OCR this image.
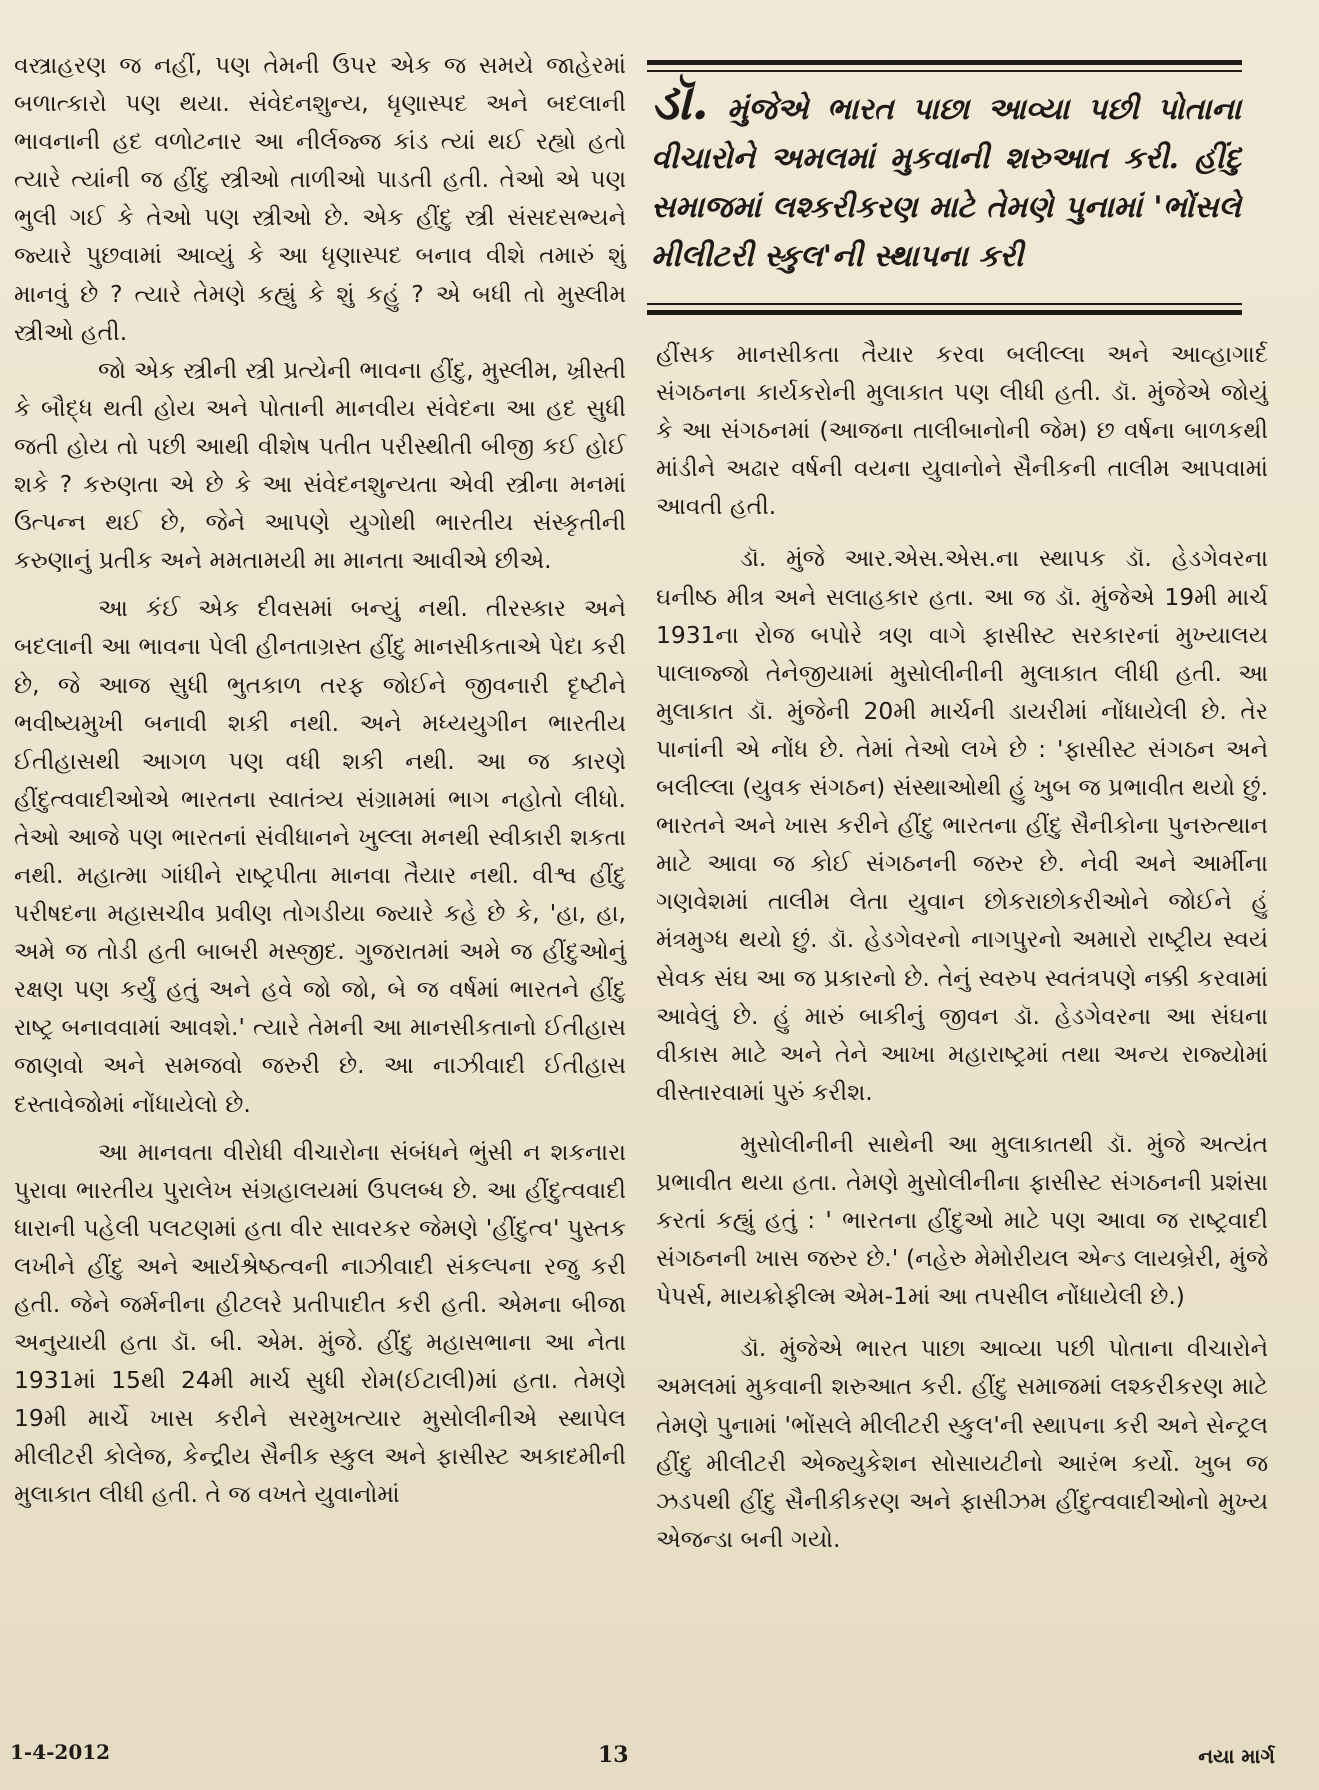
વસ્ત્રાહરણ જ નહીં, પણ તેમની ઉપર એક જ સમયે જાહેરમાં બળાત્કારો પણ થયા. સંવેદનશુન્ય, ધૃણાસ્પદ અને બદલાની ભાવનાની હદ વળોટનાર આ નીર્લજ્જ કાંડ ત્યાં થઈ રહ્યો હતો ત્યારે ત્યાંની જ હીંદુ સ્ત્રીઓ તાળીઓ પાડતી હતી. તેઓ એ પણ ભુલી ગઈ કે તેઓ પણ સ્ત્રીઓ છે. એક હીંદુ સ્ત્રી સંસદસભ્યને જ્યારે પુછવામાં આવ્યું કે આ ધૃણાસ્પદ બનાવ વીશે તમારું શું માનવું છે ? ત્યારે તેમણે કહ્યું કે શું કહું ? એ બધી તો મુસ્લીમ સ્ત્રીઓ હતી.

જો એક સ્ત્રીની સ્ત્રી પ્રત્યેની ભાવના હીંદુ, મુસ્લીમ, ખ્રીસ્તી કે બૌદ્ધ થતી હોય અને પોતાની માનવીય સંવેદના આ હદ સુધી જતી હોય તો પછી આથી વીશેષ પતીત પરીસ્થીતી બીજી કઈ હોઈ શકે ? કરુણતા એ છે કે આ સંવેદનશુન્યતા એવી સ્ત્રીના મનમાં ઉત્પન્ન થઈ છે, જેને આપણે યુગોથી ભારતીય સંસ્કૃતીની કરુણાનું પ્રતીક અને મમતામયી મા માનતા આવીએ છીએ.

આ કંઈ એક દીવસમાં બન્યું નથી. તીરસ્કાર અને બદલાની આ ભાવના પેલી હીનતાગ્રસ્ત હીંદુ માનસીકતાએ પેદા કરી છે, જે આજ સુધી ભુતકાળ તરફ જોઈને જીવનારી દૃષ્ટીને ભવીષ્યમુખી બનાવી શકી નથી. અને મધ્યયુગીન ભારતીય ઈતીહાસથી આગળ પણ વધી શકી નથી. આ જ કારણે હીંદુત્વવાદીઓએ ભારતના સ્વાતંત્ર્ય સંગ્રામમાં ભાગ નહોતો લીધો. તેઓ આજે પણ ભારતનાં સંવીધાનને ખુલ્લા મનથી સ્વીકારી શકતા નથી. મહાત્મા ગાંધીને રાષ્ટ્રપીતા માનવા તૈયાર નથી. વીશ્વ હીંદુ પરીષદના મહાસચીવ પ્રવીણ તોગડીયા જ્યારે કહે છે કે, 'હા, હા, અમે જ તોડી હતી બાબરી મસ્જીદ. ગુજરાતમાં અમે જ હીંદુઓનું રક્ષણ પણ કર્યું હતું અને હવે જો જો, બે જ વર્ષમાં ભારતને હીંદુ રાષ્ટ્ર બનાવવામાં આવશે.' ત્યારે તેમની આ માનસીકતાનો ઈતીહાસ જાણવો અને સમજવો જરુરી છે. આ નાઝીવાદી ઈતીહાસ દસ્તાવેજોમાં નોંધાયેલો છે.

આ માનવતા વીરોધી વીચારોના સંબંધને ભુંસી ન શકનારા પુરાવા ભારતીય પુરાલેખ સંગ્રહાલયમાં ઉપલબ્ધ છે. આ હીંદુત્વવાદી ધારાની પહેલી પલટણમાં હતા વીર સાવરકર જેમણે 'હીંદુત્વ' પુસ્તક લખીને હીંદુ અને આર્યશ્રેષ્ઠત્વની નાઝીવાદી સંકલ્પના રજુ કરી હતી. જેને જર્મનીના હીટલરે પ્રતીપાદીત કરી હતી. એમના બીજા અનુયાયી હતા ડૉ. બી. એમ. મુંજે. હીંદુ મહાસભાના આ નેતા 1931માં 15થી 24મી માર્ચ સુધી રોમ(ઈટાલી)માં હતા. તેમણે 19મી માર્ચે ખાસ કરીને સરમુખત્યાર મુસોલીનીએ સ્થાપેલ મીલીટરી કોલેજ, કેન્દ્રીય સૈનીક સ્કુલ અને ફાસીસ્ટ અકાદમીની મુલાકાત લીધી હતી. તે જ વખતે યુવાનોમાં

ડૉ. મુંજેએ ભારત પાછા આવ્યા પછી પોતાના વીચારોને અમલમાં મુકવાની શરુઆત કરી. હીંદુ સમાજમાં લશ્કરીકરણ માટે તેમણે પુનામાં 'ભોંસલે મીલીટરી સ્કુલ'ની સ્થાપના કરી

હીંસક માનસીકતા તૈયાર કરવા બલીલ્લા અને આવ્હાગાર્દ સંગઠનના કાર્યકરોની મુલાકાત પણ લીધી હતી. ડૉ. મુંજેએ જોયું કે આ સંગઠનમાં (આજના તાલીબાનોની જેમ) છ વર્ષના બાળકથી માંડીને અઢાર વર્ષની વયના યુવાનોને સૈનીકની તાલીમ આપવામાં આવતી હતી.

ડૉ. મુંજે આર.એસ.એસ.ના સ્થાપક ડૉ. હેડગેવરના ઘનીષ્ઠ મીત્ર અને સલાહકાર હતા. આ જ ડૉ. મુંજેએ 19મી માર્ચ 1931ના રોજ બપોરે ત્રણ વાગે ફાસીસ્ટ સરકારનાં મુખ્યાલય પાલાજ્જો તેનેજીયામાં મુસોલીનીની મુલાકાત લીધી હતી. આ મુલાકાત ડૉ. મુંજેની 20મી માર્ચની ડાયરીમાં નોંધાયેલી છે. તેર પાનાંની એ નોંધ છે. તેમાં તેઓ લખે છે : 'ફાસીસ્ટ સંગઠન અને બલીલ્લા (યુવક સંગઠન) સંસ્થાઓથી હું ખુબ જ પ્રભાવીત થયો છું. ભારતને અને ખાસ કરીને હીંદુ ભારતના હીંદુ સૈનીકોના પુનરુત્થાન માટે આવા જ કોઈ સંગઠનની જરુર છે. નેવી અને આર્મીના ગણવેશમાં તાલીમ લેતા યુવાન છોકરાછોકરીઓને જોઈને હું મંત્રમુગ્ધ થયો છું. ડૉ. હેડગેવરનો નાગપુરનો અમારો રાષ્ટ્રીય સ્વયં સેવક સંઘ આ જ પ્રકારનો છે. તેનું સ્વરુપ સ્વતંત્રપણે નક્કી કરવામાં આવેલું છે. હું મારું બાકીનું જીવન ડૉ. હેડગેવરના આ સંઘના વીકાસ માટે અને તેને આખા મહારાષ્ટ્રમાં તથા અન્ય રાજ્યોમાં વીસ્તારવામાં પુરું કરીશ.

મુસોલીનીની સાથેની આ મુલાકાતથી ડૉ. મુંજે અત્યંત પ્રભાવીત થયા હતા. તેમણે મુસોલીનીના ફાસીસ્ટ સંગઠનની પ્રશંસા કરતાં કહ્યું હતું : ' ભારતના હીંદુઓ માટે પણ આવા જ રાષ્ટ્રવાદી સંગઠનની ખાસ જરુર છે.' (નહેરુ મેમોરીયલ એન્ડ લાયબ્રેરી, મુંજે પેપર્સ, માયક્રોફીલ્મ એમ-1માં આ તપસીલ નોંધાયેલી છે.)

ડૉ. મુંજેએ ભારત પાછા આવ્યા પછી પોતાના વીચારોને અમલમાં મુકવાની શરુઆત કરી. હીંદુ સમાજમાં લશ્કરીકરણ માટે તેમણે પુનામાં 'ભોંસલે મીલીટરી સ્કુલ'ની સ્થાપના કરી અને સેન્ટ્રલ હીંદુ મીલીટરી એજ્યુકેશન સોસાયટીનો આરંભ કર્યો. ખુબ જ ઝડપથી હીંદુ સૈનીકીકરણ અને ફાસીઝમ હીંદુત્વવાદીઓનો મુખ્ય એજન્ડા બની ગયો.

1-4-2012	13	નયા માર્ગ
